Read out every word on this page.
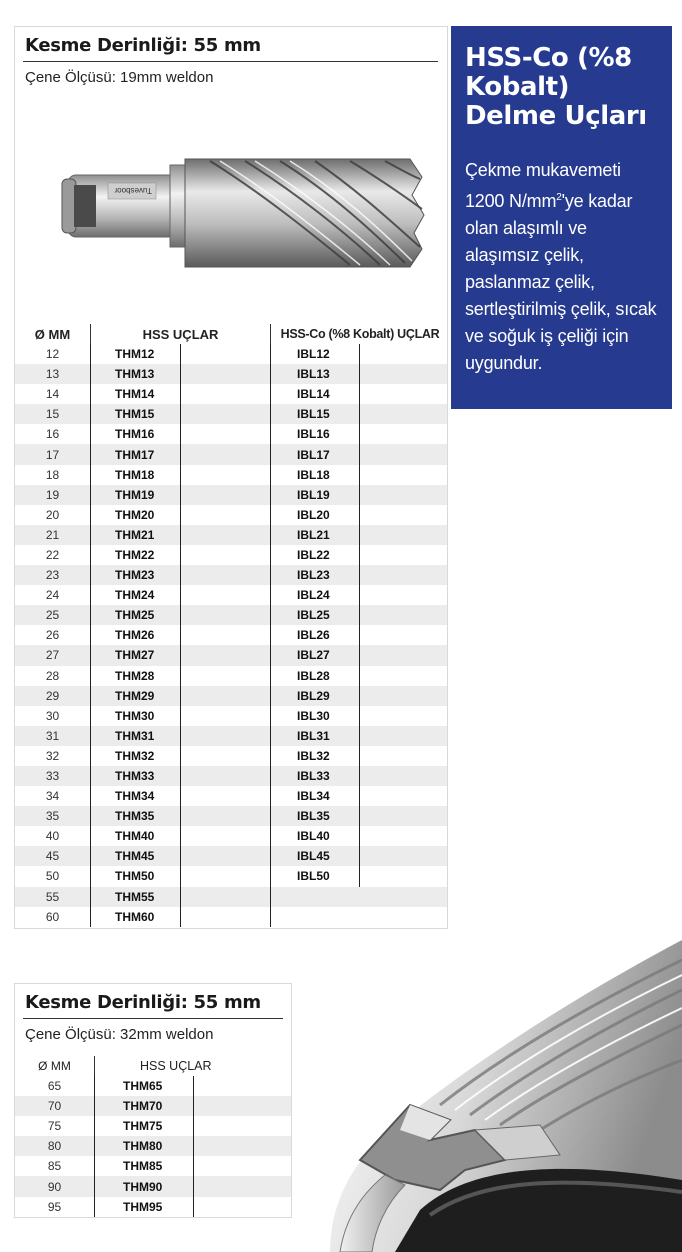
Kesme Derinliği: 55 mm
Çene Ölçüsü: 19mm weldon
Tuvesboor
Ø MM	HSS UÇLAR	HSS-Co (%8 Kobalt) UÇLAR
12	THM12	IBL12
13	THM13	IBL13
14	THM14	IBL14
15	THM15	IBL15
16	THM16	IBL16
17	THM17	IBL17
18	THM18	IBL18
19	THM19	IBL19
20	THM20	IBL20
21	THM21	IBL21
22	THM22	IBL22
23	THM23	IBL23
24	THM24	IBL24
25	THM25	IBL25
26	THM26	IBL26
27	THM27	IBL27
28	THM28	IBL28
29	THM29	IBL29
30	THM30	IBL30
31	THM31	IBL31
32	THM32	IBL32
33	THM33	IBL33
34	THM34	IBL34
35	THM35	IBL35
40	THM40	IBL40
45	THM45	IBL45
50	THM50	IBL50
55	THM55
60	THM60
HSS-Co (%8 Kobalt) Delme Uçları

Çekme mukavemeti 1200 $N/mm^2'ye$ kadar olan alaşımlı ve alaşımsız çelik, paslanmaz çelik, sertleştirilmiş çelik, sıcak ve soğuk iş çeliği için uygundur.

Kesme Derinliği: 55 mm
Çene Ölçüsü: 32mm weldon
Ø MM	HSS UÇLAR
65	THM65
70	THM70
75	THM75
80	THM80
85	THM85
90	THM90
95	THM95
